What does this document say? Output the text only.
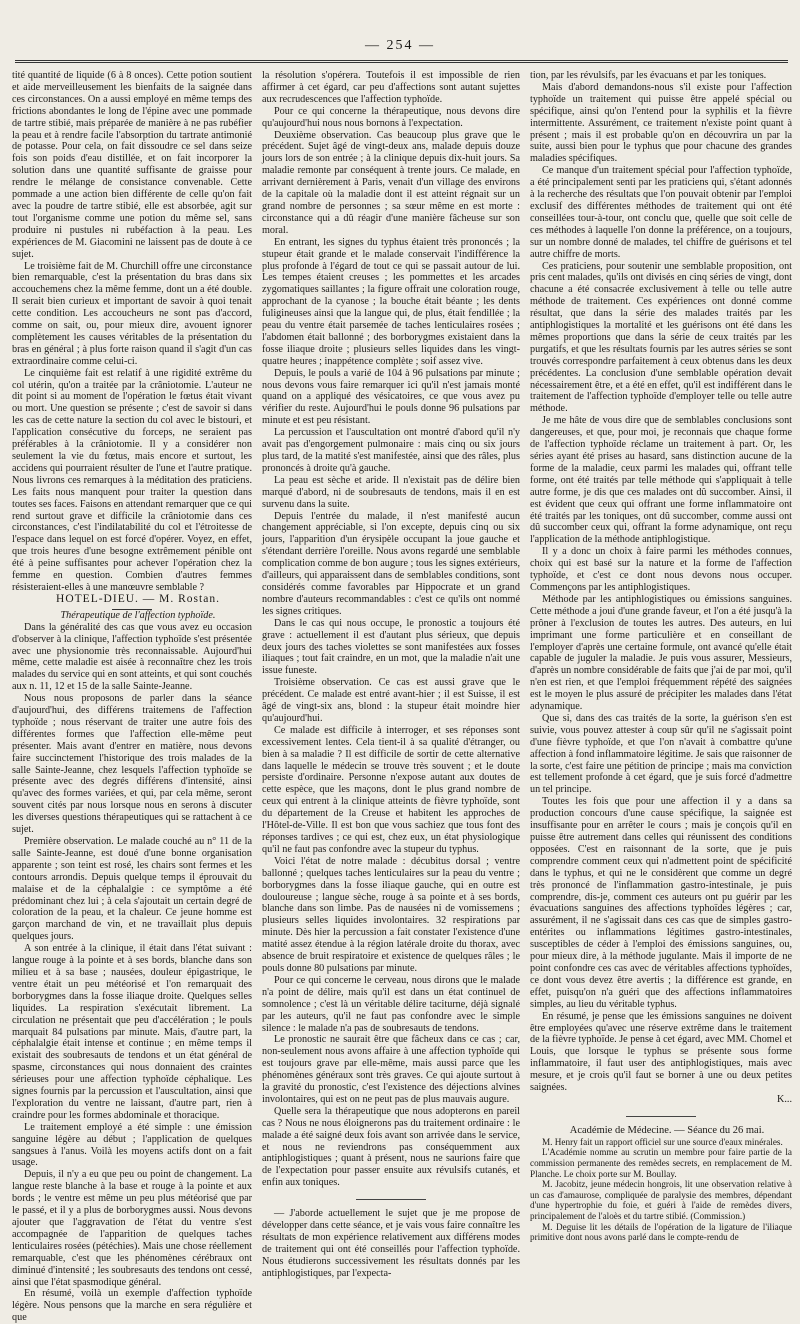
— 254 —

tité quantité de liquide (6 à 8 onces). Cette potion soutient et aide merveilleusement les bienfaits de la saignée dans ces circonstances. On a aussi employé en même temps des frictions abondantes le long de l'épine avec une pommade de tartre stibié, mais préparée de manière à ne pas rubéfier la peau et à rendre facile l'absorption du tartrate antimonié de potasse. Pour cela, on fait dissoudre ce sel dans seize fois son poids d'eau distillée, et on fait incorporer la solution dans une quantité suffisante de graisse pour rendre le mélange de consistance convenable. Cette pommade a une action bien différente de celle qu'on fait avec la poudre de tartre stibié, elle est absorbée, agit sur tout l'organisme comme une potion du même sel, sans produire ni pustules ni rubéfaction à la peau. Les expériences de M. Giacomini ne laissent pas de doute à ce sujet.

Le troisième fait de M. Churchill offre une circonstance bien remarquable, c'est la présentation du bras dans six accouchemens chez la même femme, dont un a été double. Il serait bien curieux et important de savoir à quoi tenait cette condition. Les accoucheurs ne sont pas d'accord, comme on sait, ou, pour mieux dire, avouent ignorer complètement les causes véritables de la présentation du bras en général ; à plus forte raison quand il s'agit d'un cas extraordinaire comme celui-ci.

Le cinquième fait est relatif à une rigidité extrême du col utérin, qu'on a traitée par la crâniotomie. L'auteur ne dit point si au moment de l'opération le fœtus était vivant ou mort. Une question se présente ; c'est de savoir si dans les cas de cette nature la section du col avec le bistouri, et l'application consécutive du forceps, ne seraient pas préférables à la crâniotomie. Il y a considérer non seulement la vie du fœtus, mais encore et surtout, les accidens qui pourraient résulter de l'une et l'autre pratique. Nous livrons ces remarques à la méditation des praticiens. Les faits nous manquent pour traiter la question dans toutes ses faces. Faisons en attendant remarquer que ce qui rend surtout grave et difficile la crâniotomie dans ces circonstances, c'est l'indilatabilité du col et l'étroitesse de l'espace dans lequel on est forcé d'opérer. Voyez, en effet, que trois heures d'une besogne extrêmement pénible ont été à peine suffisantes pour achever l'opération chez la femme en question. Combien d'autres femmes résisteraient-elles à une manœuvre semblable ?

HOTEL-DIEU. — M. Rostan.

Thérapeutique de l'affection typhoïde.

Dans la généralité des cas que vous avez eu occasion d'observer à la clinique, l'affection typhoïde s'est présentée avec une physionomie très reconnaissable. Aujourd'hui même, cette maladie est aisée à reconnaître chez les trois malades du service qui en sont atteints, et qui sont couchés aux n. 11, 12 et 15 de la salle Sainte-Jeanne.

Nous nous proposons de parler dans la séance d'aujourd'hui, des différens traitemens de l'affection typhoïde ; nous réservant de traiter une autre fois des différentes formes que l'affection elle-même peut présenter. Mais avant d'entrer en matière, nous devons faire succinctement l'historique des trois malades de la salle Sainte-Jeanne, chez lesquels l'affection typhoïde se présente avec des degrés différens d'intensité, ainsi qu'avec des formes variées, et qui, par cela même, seront souvent cités par nous lorsque nous en serons à discuter les diverses questions thérapeutiques qui se rattachent à ce sujet.

Première observation. Le malade couché au n° 11 de la salle Sainte-Jeanne, est doué d'une bonne organisation apparente ; son teint est rosé, les chairs sont fermes et les contours arrondis. Depuis quelque temps il éprouvait du malaise et de la céphalalgie : ce symptôme a été prédominant chez lui ; à cela s'ajoutait un certain degré de coloration de la peau, et la chaleur. Ce jeune homme est garçon marchand de vin, et ne travaillait plus depuis quelques jours.

A son entrée à la clinique, il était dans l'état suivant : langue rouge à la pointe et à ses bords, blanche dans son milieu et à sa base ; nausées, douleur épigastrique, le ventre était un peu météorisé et l'on remarquait des borborygmes dans la fosse iliaque droite. Quelques selles liquides. La respiration s'exécutait librement. La circulation ne présentait que peu d'accélération ; le pouls marquait 84 pulsations par minute. Mais, d'autre part, la céphalalgie était intense et continue ; en même temps il existait des soubresauts de tendons et un état général de spasme, circonstances qui nous donnaient des craintes sérieuses pour une affection typhoïde céphalique. Les signes fournis par la percussion et l'auscultation, ainsi que l'exploration du ventre ne laissant, d'autre part, rien à craindre pour les formes abdominale et thoracique.

Le traitement employé a été simple : une émission sanguine légère au début ; l'application de quelques sangsues à l'anus. Voilà les moyens actifs dont on a fait usage.

Depuis, il n'y a eu que peu ou point de changement. La langue reste blanche à la base et rouge à la pointe et aux bords ; le ventre est même un peu plus météorisé que par le passé, et il y a plus de borborygmes aussi. Nous devons ajouter que l'aggravation de l'état du ventre s'est accompagnée de l'apparition de quelques taches lenticulaires rosées (pétéchies). Mais une chose réellement remarquable, c'est que les phénomènes cérébraux ont diminué d'intensité ; les soubresauts des tendons ont cessé, ainsi que l'état spasmodique général.

En résumé, voilà un exemple d'affection typhoïde légère. Nous pensons que la marche en sera régulière et que

la résolution s'opérera. Toutefois il est impossible de rien affirmer à cet égard, car peu d'affections sont autant sujettes aux recrudescences que l'affection typhoïde.

Pour ce qui concerne la thérapeutique, nous devons dire qu'aujourd'hui nous nous bornons à l'expectation.

Deuxième observation. Cas beaucoup plus grave que le précédent. Sujet âgé de vingt-deux ans, malade depuis douze jours lors de son entrée ; à la clinique depuis dix-huit jours. Sa maladie remonte par conséquent à trente jours. Ce malade, en arrivant dernièrement à Paris, venait d'un village des environs de la capitale où la maladie dont il est atteint régnait sur un grand nombre de personnes ; sa sœur même en est morte : circonstance qui a dû réagir d'une manière fâcheuse sur son moral.

En entrant, les signes du typhus étaient très prononcés ; la stupeur était grande et le malade conservait l'indifférence la plus profonde à l'égard de tout ce qui se passait autour de lui. Les tempes étaient creuses ; les pommettes et les arcades zygomatiques saillantes ; la figure offrait une coloration rouge, approchant de la cyanose ; la bouche était béante ; les dents fuligineuses ainsi que la langue qui, de plus, était fendillée ; la peau du ventre était parsemée de taches lenticulaires rosées ; l'abdomen était ballonné ; des borborygmes existaient dans la fosse iliaque droite ; plusieurs selles liquides dans les vingt-quatre heures ; inappétence complète ; soif assez vive.

Depuis, le pouls a varié de 104 à 96 pulsations par minute ; nous devons vous faire remarquer ici qu'il n'est jamais monté quand on a appliqué des vésicatoires, ce que vous avez pu vérifier du reste. Aujourd'hui le pouls donne 96 pulsations par minute et est peu résistant.

La percussion et l'auscultation ont montré d'abord qu'il n'y avait pas d'engorgement pulmonaire : mais cinq ou six jours plus tard, de la matité s'est manifestée, ainsi que des râles, plus prononcés à droite qu'à gauche.

La peau est sèche et aride. Il n'existait pas de délire bien marqué d'abord, ni de soubresauts de tendons, mais il en est survenu dans la suite.

Depuis l'entrée du malade, il n'est manifesté aucun changement appréciable, si l'on excepte, depuis cinq ou six jours, l'apparition d'un érysipèle occupant la joue gauche et s'étendant derrière l'oreille. Nous avons regardé une semblable complication comme de bon augure ; tous les signes extérieurs, d'ailleurs, qui apparaissent dans de semblables conditions, sont considérés comme favorables par Hippocrate et un grand nombre d'auteurs recommandables : c'est ce qu'ils ont nommé les signes critiques.

Dans le cas qui nous occupe, le pronostic a toujours été grave : actuellement il est d'autant plus sérieux, que depuis deux jours des taches violettes se sont manifestées aux fosses iliaques ; tout fait craindre, en un mot, que la maladie n'ait une issue funeste.

Troisième observation. Ce cas est aussi grave que le précédent. Ce malade est entré avant-hier ; il est Suisse, il est âgé de vingt-six ans, blond : la stupeur était moindre hier qu'aujourd'hui.

Ce malade est difficile à interroger, et ses réponses sont excessivement lentes. Cela tient-il à sa qualité d'étranger, ou bien à sa maladie ? Il est difficile de sortir de cette alternative dans laquelle le médecin se trouve très souvent ; et le doute persiste d'ordinaire. Personne n'expose autant aux doutes de cette espèce, que les maçons, dont le plus grand nombre de ceux qui entrent à la clinique atteints de fièvre typhoïde, sont du département de la Creuse et habitent les approches de l'Hôtel-de-Ville. Il est bon que vous sachiez que tous font des réponses tardives ; ce qui est, chez eux, un état physiologique qu'il ne faut pas confondre avec la stupeur du typhus.

Voici l'état de notre malade : décubitus dorsal ; ventre ballonné ; quelques taches lenticulaires sur la peau du ventre ; borborygmes dans la fosse iliaque gauche, qui en outre est douloureuse ; langue sèche, rouge à sa pointe et à ses bords, blanche dans son limbe. Pas de nausées ni de vomissemens ; plusieurs selles liquides involontaires. 32 respirations par minute. Dès hier la percussion a fait constater l'existence d'une matité assez étendue à la région latérale droite du thorax, avec absence de bruit respiratoire et existence de quelques râles ; le pouls donne 80 pulsations par minute.

Pour ce qui concerne le cerveau, nous dirons que le malade n'a point de délire, mais qu'il est dans un état continuel de somnolence ; c'est là un véritable délire taciturne, déjà signalé par les auteurs, qu'il ne faut pas confondre avec le simple silence : le malade n'a pas de soubresauts de tendons.

Le pronostic ne saurait être que fâcheux dans ce cas ; car, non-seulement nous avons affaire à une affection typhoïde qui est toujours grave par elle-même, mais aussi parce que les phénomènes généraux sont très graves. Ce qui ajoute surtout à la gravité du pronostic, c'est l'existence des déjections alvines involontaires, qui est on ne peut pas de plus mauvais augure.

Quelle sera la thérapeutique que nous adopterons en pareil cas ? Nous ne nous éloignerons pas du traitement ordinaire : le malade a été saigné deux fois avant son arrivée dans le service, et nous ne reviendrons pas conséquemment aux antiphlogistiques ; quant à présent, nous ne saurions faire que de l'expectation pour passer ensuite aux révulsifs cutanés, et enfin aux toniques.

— J'aborde actuellement le sujet que je me propose de développer dans cette séance, et je vais vous faire connaître les résultats de mon expérience relativement aux différens modes de traitement qui ont été conseillés pour l'affection typhoïde. Nous étudierons successivement les résultats donnés par les antiphlogistiques, par l'expecta-

tion, par les révulsifs, par les évacuans et par les toniques.

Mais d'abord demandons-nous s'il existe pour l'affection typhoïde un traitement qui puisse être appelé spécial ou spécifique, ainsi qu'on l'entend pour la syphilis et la fièvre intermittente. Assurément, ce traitement n'existe point quant à présent ; mais il est probable qu'on en découvrira un par la suite, aussi bien pour le typhus que pour chacune des grandes maladies spécifiques.

Ce manque d'un traitement spécial pour l'affection typhoïde, a été principalement senti par les praticiens qui, s'étant adonnés à la recherche des résultats que l'on pouvait obtenir par l'emploi exclusif des différentes méthodes de traitement qui ont été conseillées tour-à-tour, ont conclu que, quelle que soit celle de ces méthodes à laquelle l'on donne la préférence, on a toujours, sur un nombre donné de malades, tel chiffre de guérisons et tel autre chiffre de morts.

Ces praticiens, pour soutenir une semblable proposition, ont pris cent malades, qu'ils ont divisés en cinq séries de vingt, dont chacune a été consacrée exclusivement à telle ou telle autre méthode de traitement. Ces expériences ont donné comme résultat, que dans la série des malades traités par les antiphlogistiques la mortalité et les guérisons ont été dans les mêmes proportions que dans la série de ceux traités par les purgatifs, et que les résultats fournis par les autres séries se sont trouvés correspondre parfaitement à ceux obtenus dans les deux précédentes. La conclusion d'une semblable opération devait nécessairement être, et a été en effet, qu'il est indifférent dans le traitement de l'affection typhoïde d'employer telle ou telle autre méthode.

Je me hâte de vous dire que de semblables conclusions sont dangereuses, et que, pour moi, je reconnais que chaque forme de l'affection typhoïde réclame un traitement à part. Or, les séries ayant été prises au hasard, sans distinction aucune de la forme de la maladie, ceux parmi les malades qui, offrant telle forme, ont été traités par telle méthode qui s'appliquait à telle autre forme, je dis que ces malades ont dû succomber. Ainsi, il est évident que ceux qui offrant une forme inflammatoire ont été traités par les toniques, ont dû succomber, comme aussi ont dû succomber ceux qui, offrant la forme adynamique, ont reçu l'application de la méthode antiphlogistique.

Il y a donc un choix à faire parmi les méthodes connues, choix qui est basé sur la nature et la forme de l'affection typhoïde, et c'est ce dont nous devons nous occuper. Commençons par les antiphlogistiques.

Méthode par les antiphlogistiques ou émissions sanguines. Cette méthode a joui d'une grande faveur, et l'on a été jusqu'à la prôner à l'exclusion de toutes les autres. Des auteurs, en lui imprimant une forme particulière et en conseillant de l'employer d'après une certaine formule, ont avancé qu'elle était capable de juguler la maladie. Je puis vous assurer, Messieurs, d'après un nombre considérable de faits que j'ai de par moi, qu'il n'en est rien, et que l'emploi fréquemment répété des saignées est le moyen le plus assuré de précipiter les malades dans l'état adynamique.

Que si, dans des cas traités de la sorte, la guérison s'en est suivie, vous pouvez attester à coup sûr qu'il ne s'agissait point d'une fièvre typhoïde, et que l'on n'avait à combattre qu'une affection à fond inflammatoire légitime. Je sais que raisonner de la sorte, c'est faire une pétition de principe ; mais ma conviction est tellement profonde à cet égard, que je suis forcé d'admettre un tel principe.

Toutes les fois que pour une affection il y a dans sa production concours d'une cause spécifique, la saignée est insuffisante pour en arrêter le cours ; mais je conçois qu'il en puisse être autrement dans celles qui réunissent des conditions opposées. C'est en raisonnant de la sorte, que je puis comprendre comment ceux qui n'admettent point de spécificité dans le typhus, et qui ne le considèrent que comme un degré très prononcé de l'inflammation gastro-intestinale, je puis comprendre, dis-je, comment ces auteurs ont pu guérir par les évacuations sanguines des affections typhoïdes légères ; car, assurément, il ne s'agissait dans ces cas que de simples gastro-entérites ou inflammations légitimes gastro-intestinales, susceptibles de céder à l'emploi des émissions sanguines, ou, pour mieux dire, à la méthode jugulante. Mais il importe de ne point confondre ces cas avec de véritables affections typhoïdes, ce dont vous devez être avertis ; la différence est grande, en effet, puisqu'on n'a guéri que des affections inflammatoires simples, au lieu du véritable typhus.

En résumé, je pense que les émissions sanguines ne doivent être employées qu'avec une réserve extrême dans le traitement de la fièvre typhoïde. Je pense à cet égard, avec MM. Chomel et Louis, que lorsque le typhus se présente sous forme inflammatoire, il faut user des antiphlogistiques, mais avec mesure, et je crois qu'il faut se borner à une ou deux petites saignées.

K...

Académie de Médecine. — Séance du 26 mai.

M. Henry fait un rapport officiel sur une source d'eaux minérales.

L'Académie nomme au scrutin un membre pour faire partie de la commission permanente des remèdes secrets, en remplacement de M. Planche. Le choix porte sur M. Boullay.

M. Jacobitz, jeune médecin hongrois, lit une observation relative à un cas d'amaurose, compliquée de paralysie des membres, dépendant d'une hypertrophie du foie, et guéri à l'aide de remèdes divers, principalement de l'aloès et du tartre stibié. (Commission.)

M. Deguise lit les détails de l'opération de la ligature de l'iliaque primitive dont nous avons parlé dans le compte-rendu de
